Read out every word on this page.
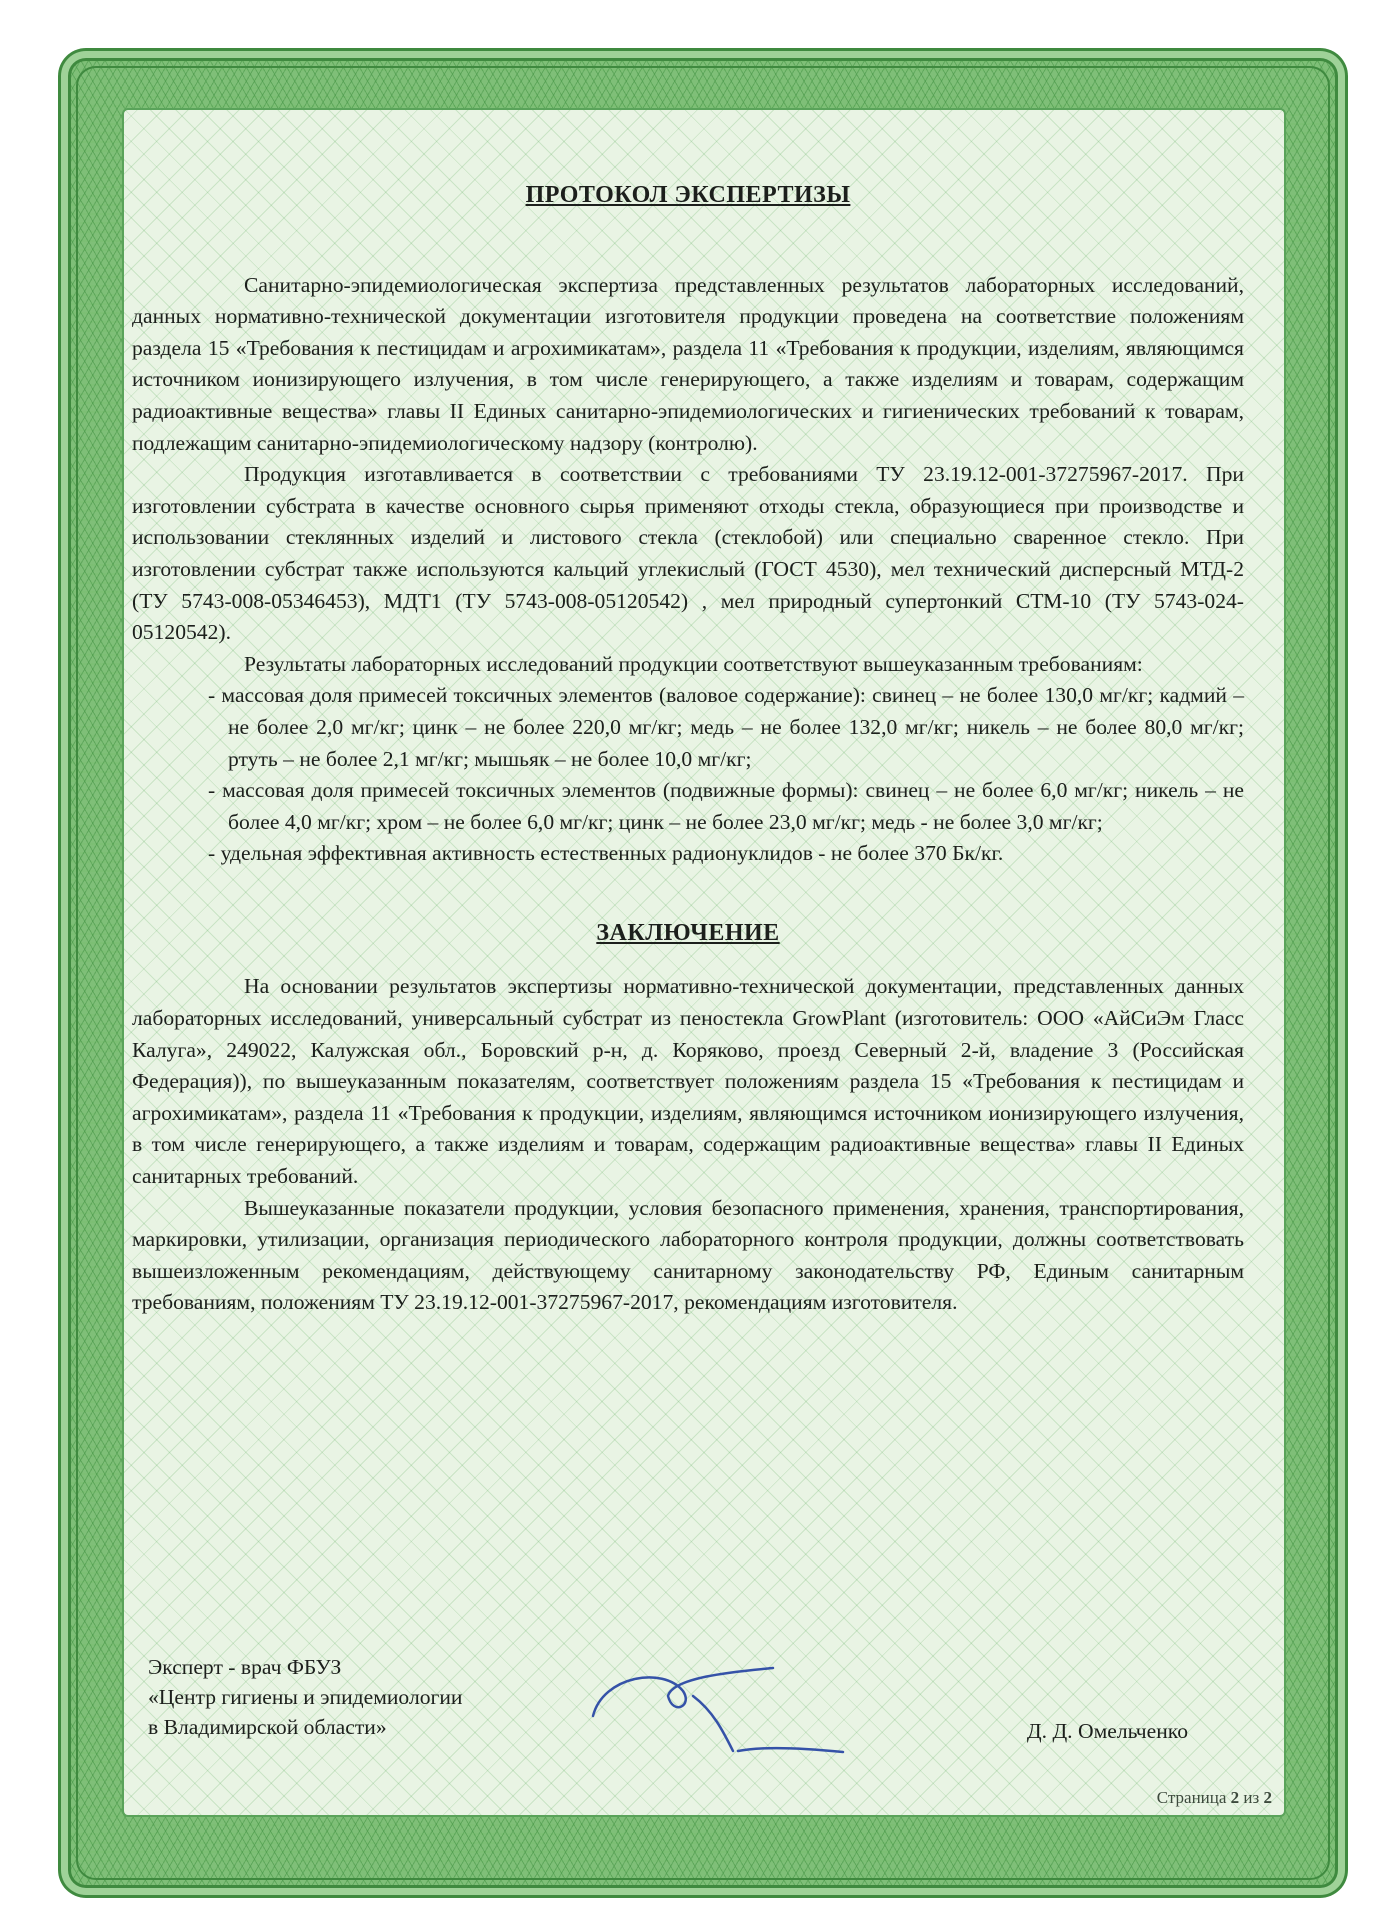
ПРОТОКОЛ ЭКСПЕРТИЗЫ

Санитарно-эпидемиологическая экспертиза представленных результатов лабораторных исследований, данных нормативно-технической документации изготовителя продукции проведена на соответствие положениям раздела 15 «Требования к пестицидам и агрохимикатам», раздела 11 «Требования к продукции, изделиям, являющимся источником ионизирующего излучения, в том числе генерирующего, а также изделиям и товарам, содержащим радиоактивные вещества» главы II Единых санитарно-эпидемиологических и гигиенических требований к товарам, подлежащим санитарно-эпидемиологическому надзору (контролю).

Продукция изготавливается в соответствии с требованиями ТУ 23.19.12-001-37275967-2017. При изготовлении субстрата в качестве основного сырья применяют отходы стекла, образующиеся при производстве и использовании стеклянных изделий и листового стекла (стеклобой) или специально сваренное стекло. При изготовлении субстрат также используются кальций углекислый (ГОСТ 4530), мел технический дисперсный МТД-2 (ТУ 5743-008-05346453), МДТ1 (ТУ 5743-008-05120542) , мел природный супертонкий СТМ-10 (ТУ 5743-024-05120542).

Результаты лабораторных исследований продукции соответствуют вышеуказанным требованиям:

- массовая доля примесей токсичных элементов (валовое содержание): свинец – не более 130,0 мг/кг; кадмий – не более 2,0 мг/кг; цинк – не более 220,0 мг/кг; медь – не более 132,0 мг/кг; никель – не более 80,0 мг/кг; ртуть – не более 2,1 мг/кг; мышьяк – не более 10,0 мг/кг;
- массовая доля примесей токсичных элементов (подвижные формы): свинец – не более 6,0 мг/кг; никель – не более 4,0 мг/кг; хром – не более 6,0 мг/кг; цинк – не более 23,0 мг/кг; медь - не более 3,0 мг/кг;
- удельная эффективная активность естественных радионуклидов - не более 370 Бк/кг.
ЗАКЛЮЧЕНИЕ

На основании результатов экспертизы нормативно-технической документации, представленных данных лабораторных исследований, универсальный субстрат из пеностекла GrowPlant (изготовитель: ООО «АйСиЭм Гласс Калуга», 249022, Калужская обл., Боровский р-н, д. Коряково, проезд Северный 2-й, владение 3 (Российская Федерация)), по вышеуказанным показателям, соответствует положениям раздела 15 «Требования к пестицидам и агрохимикатам», раздела 11 «Требования к продукции, изделиям, являющимся источником ионизирующего излучения, в том числе генерирующего, а также изделиям и товарам, содержащим радиоактивные вещества» главы II Единых санитарных требований.

Вышеуказанные показатели продукции, условия безопасного применения, хранения, транспортирования, маркировки, утилизации, организация периодического лабораторного контроля продукции, должны соответствовать вышеизложенным рекомендациям, действующему санитарному законодательству РФ, Единым санитарным требованиям, положениям ТУ 23.19.12-001-37275967-2017, рекомендациям изготовителя.

Эксперт - врач ФБУЗ
«Центр гигиены и эпидемиологии
в Владимирской области»	Д. Д. Омельченко
Страница 2 из 2
